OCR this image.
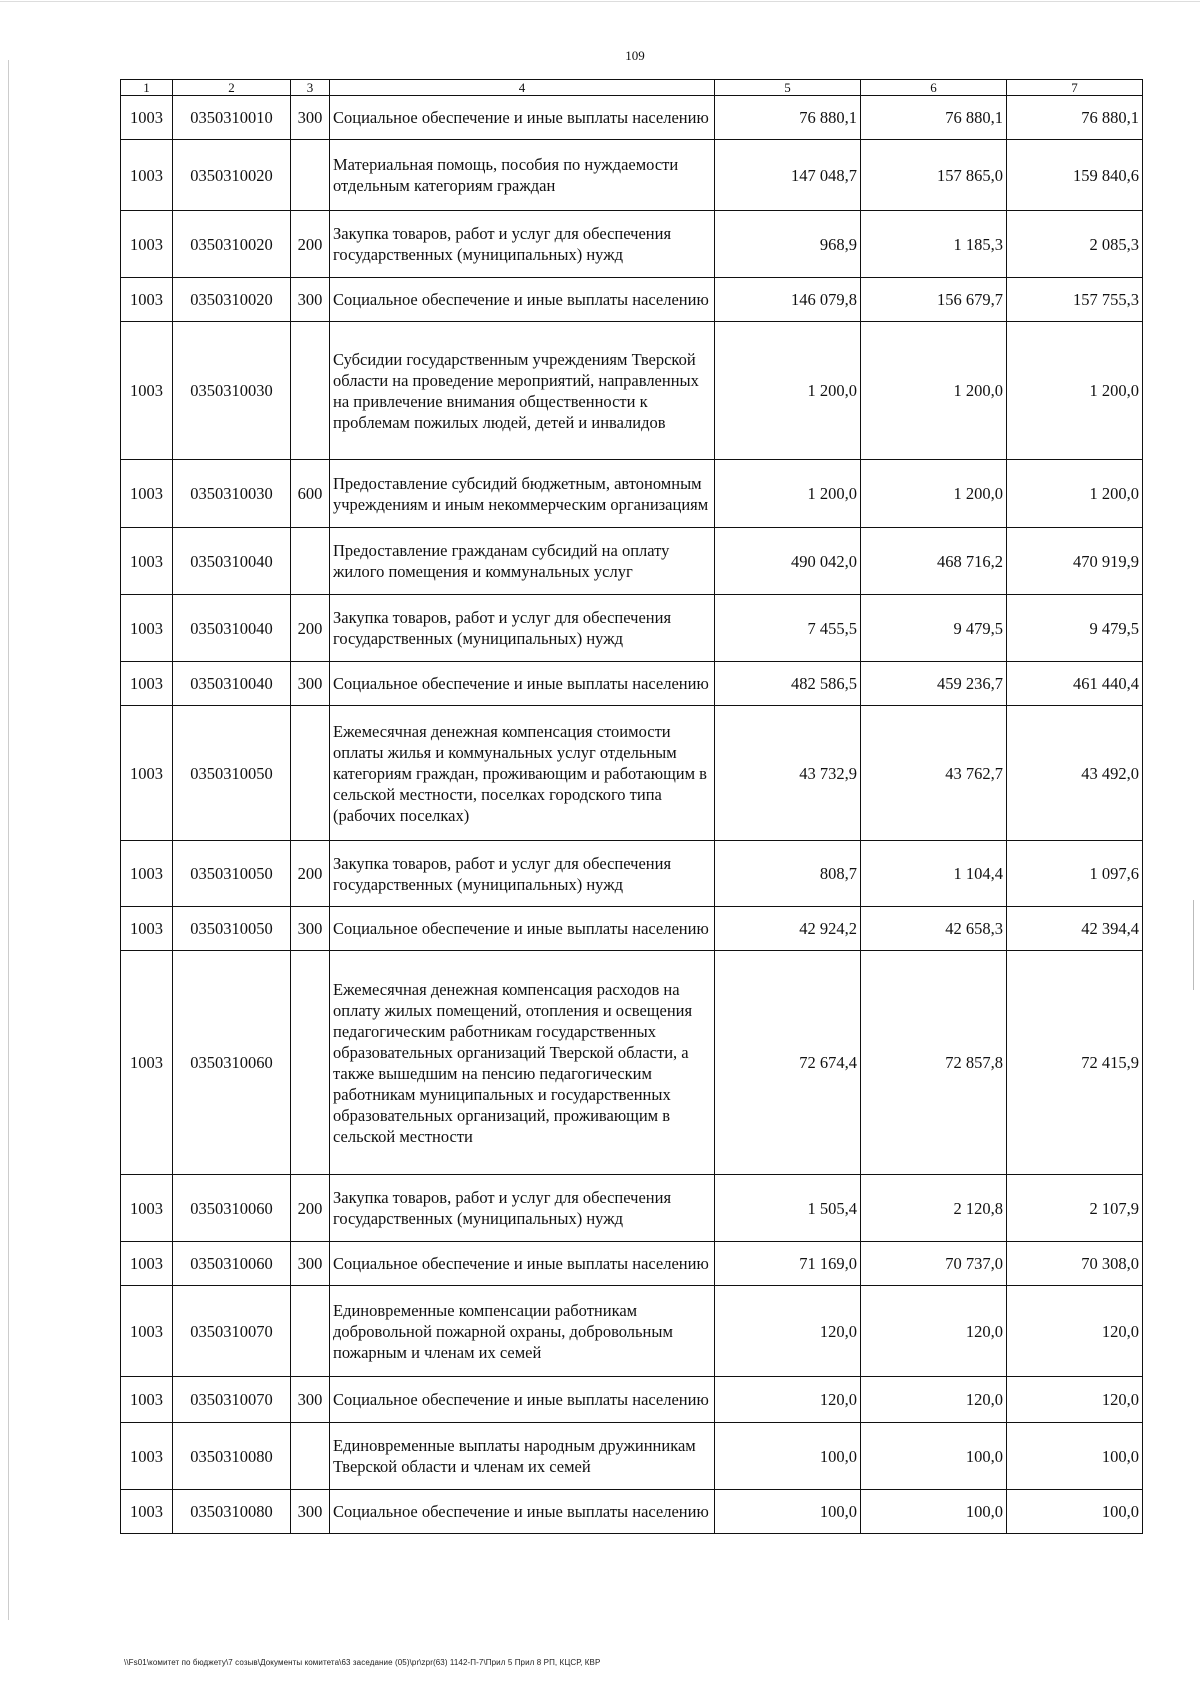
109
1	2	3	4	5	6	7
1003	0350310010	300	Социальное обеспечение и иные выплаты населению	76 880,1	76 880,1	76 880,1
1003	0350310020		Материальная помощь, пособия по нуждаемости отдельным категориям граждан	147 048,7	157 865,0	159 840,6
1003	0350310020	200	Закупка товаров, работ и услуг для обеспечения государственных (муниципальных) нужд	968,9	1 185,3	2 085,3
1003	0350310020	300	Социальное обеспечение и иные выплаты населению	146 079,8	156 679,7	157 755,3
1003	0350310030		Субсидии государственным учреждениям Тверской области на проведение мероприятий, направленных на привлечение внимания общественности к проблемам пожилых людей, детей и инвалидов	1 200,0	1 200,0	1 200,0
1003	0350310030	600	Предоставление субсидий бюджетным, автономным учреждениям и иным некоммерческим организациям	1 200,0	1 200,0	1 200,0
1003	0350310040		Предоставление гражданам субсидий на оплату жилого помещения и коммунальных услуг	490 042,0	468 716,2	470 919,9
1003	0350310040	200	Закупка товаров, работ и услуг для обеспечения государственных (муниципальных) нужд	7 455,5	9 479,5	9 479,5
1003	0350310040	300	Социальное обеспечение и иные выплаты населению	482 586,5	459 236,7	461 440,4
1003	0350310050		Ежемесячная денежная компенсация стоимости оплаты жилья и коммунальных услуг отдельным категориям граждан, проживающим и работающим в сельской местности, поселках городского типа (рабочих поселках)	43 732,9	43 762,7	43 492,0
1003	0350310050	200	Закупка товаров, работ и услуг для обеспечения государственных (муниципальных) нужд	808,7	1 104,4	1 097,6
1003	0350310050	300	Социальное обеспечение и иные выплаты населению	42 924,2	42 658,3	42 394,4
1003	0350310060		Ежемесячная денежная компенсация расходов на оплату жилых помещений, отопления и освещения педагогическим работникам государственных образовательных организаций Тверской области, а также вышедшим на пенсию педагогическим работникам муниципальных и государственных образовательных организаций, проживающим в сельской местности	72 674,4	72 857,8	72 415,9
1003	0350310060	200	Закупка товаров, работ и услуг для обеспечения государственных (муниципальных) нужд	1 505,4	2 120,8	2 107,9
1003	0350310060	300	Социальное обеспечение и иные выплаты населению	71 169,0	70 737,0	70 308,0
1003	0350310070		Единовременные компенсации работникам добровольной пожарной охраны, добровольным пожарным и членам их семей	120,0	120,0	120,0
1003	0350310070	300	Социальное обеспечение и иные выплаты населению	120,0	120,0	120,0
1003	0350310080		Единовременные выплаты народным дружинникам Тверской области и членам их семей	100,0	100,0	100,0
1003	0350310080	300	Социальное обеспечение и иные выплаты населению	100,0	100,0	100,0
\\Fs01\комитет по бюджету\7 созыв\Документы комитета\63 заседание (05)\pr\zpr(63) 1142-П-7\Прил 5 Прил 8 РП, КЦСР, КВР
